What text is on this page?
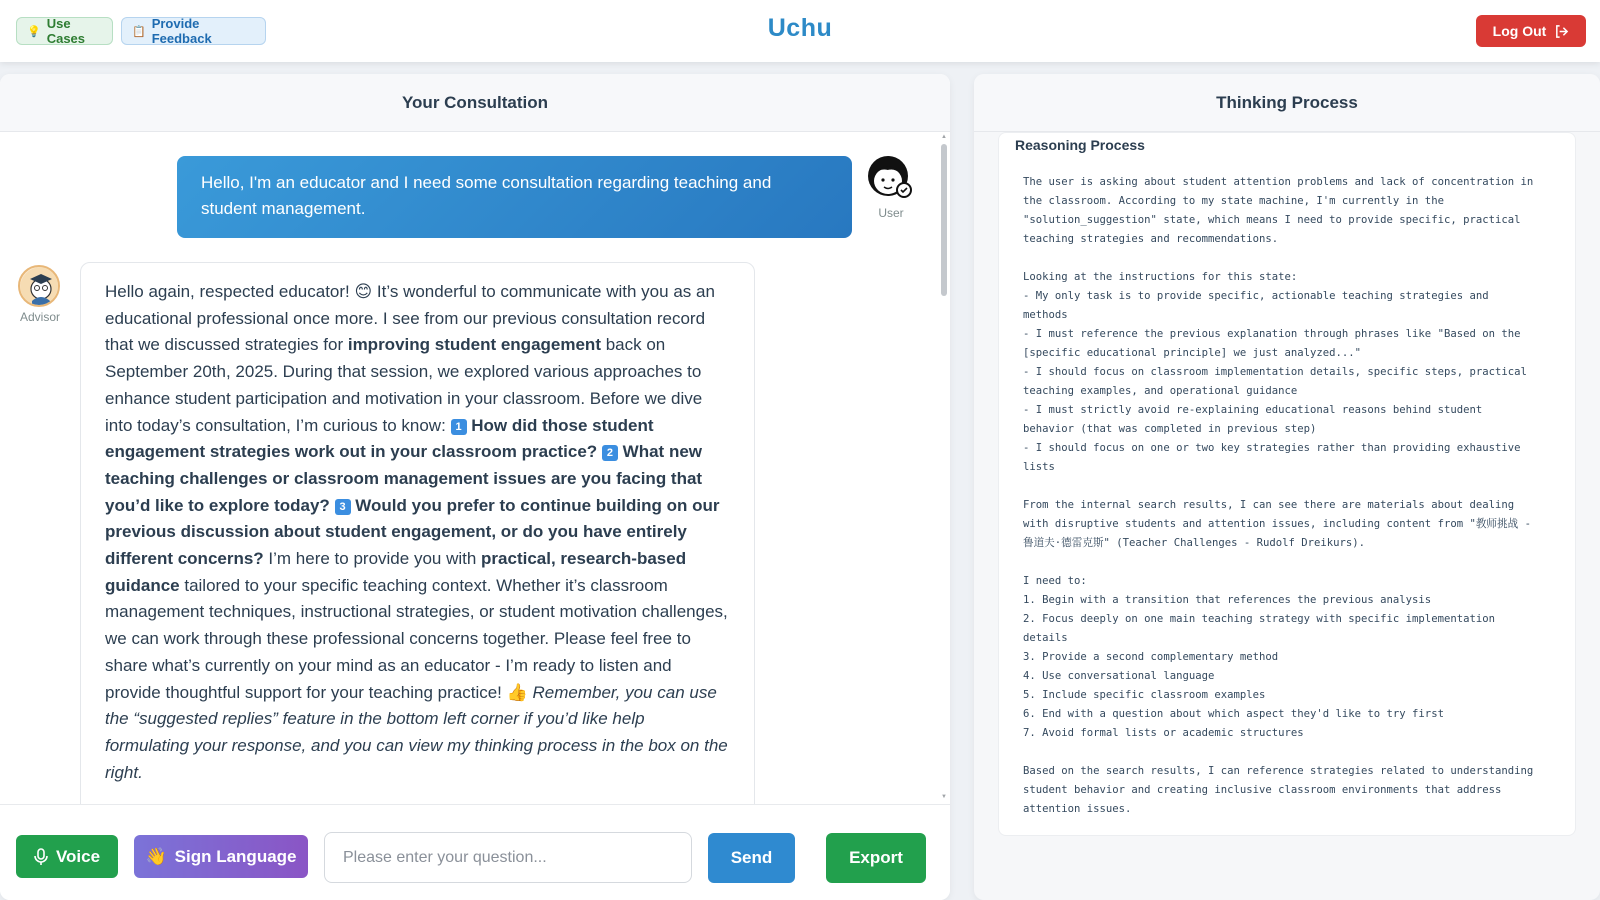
💡
Use Cases	📋
Provide Feedback	Uchu	Log Out
Your Consultation
Hello, I'm an educator and I need some consultation regarding teaching and student management.	User
Advisor
Hello again, respected educator! 😊 It’s wonderful to communicate with you as an educational professional once more. I see from our previous consultation record that we discussed strategies for improving student engagement back on September 20th, 2025. During that session, we explored various approaches to enhance student participation and motivation in your classroom. Before we dive into today’s consultation, I’m curious to know: 1 How did those student engagement strategies work out in your classroom practice? 2 What new teaching challenges or classroom management issues are you facing that you’d like to explore today? 3 Would you prefer to continue building on our previous discussion about student engagement, or do you have entirely different concerns? I’m here to provide you with practical, research-based guidance tailored to your specific teaching context. Whether it’s classroom management techniques, instructional strategies, or student motivation challenges, we can work through these professional concerns together. Please feel free to share what’s currently on your mind as an educator - I’m ready to listen and provide thoughtful support for your teaching practice! 👍 Remember, you can use the “suggested replies” feature in the bottom left corner if you’d like help formulating your response, and you can view my thinking process in the box on the right.
▲
▼
Voice	👋 Sign Language
Please enter your question...	Send	Export
Thinking Process
Reasoning Process
The user is asking about student attention problems and lack of concentration in
the classroom. According to my state machine, I'm currently in the
"solution_suggestion" state, which means I need to provide specific, practical
teaching strategies and recommendations.

Looking at the instructions for this state:
- My only task is to provide specific, actionable teaching strategies and
methods
- I must reference the previous explanation through phrases like "Based on the
[specific educational principle] we just analyzed..."
- I should focus on classroom implementation details, specific steps, practical
teaching examples, and operational guidance
- I must strictly avoid re-explaining educational reasons behind student
behavior (that was completed in previous step)
- I should focus on one or two key strategies rather than providing exhaustive
lists

From the internal search results, I can see there are materials about dealing
with disruptive students and attention issues, including content from "教师挑战 -
鲁道夫·德雷克斯" (Teacher Challenges - Rudolf Dreikurs).

I need to:
1. Begin with a transition that references the previous analysis
2. Focus deeply on one main teaching strategy with specific implementation
details
3. Provide a second complementary method
4. Use conversational language
5. Include specific classroom examples
6. End with a question about which aspect they'd like to try first
7. Avoid formal lists or academic structures

Based on the search results, I can reference strategies related to understanding
student behavior and creating inclusive classroom environments that address
attention issues.
